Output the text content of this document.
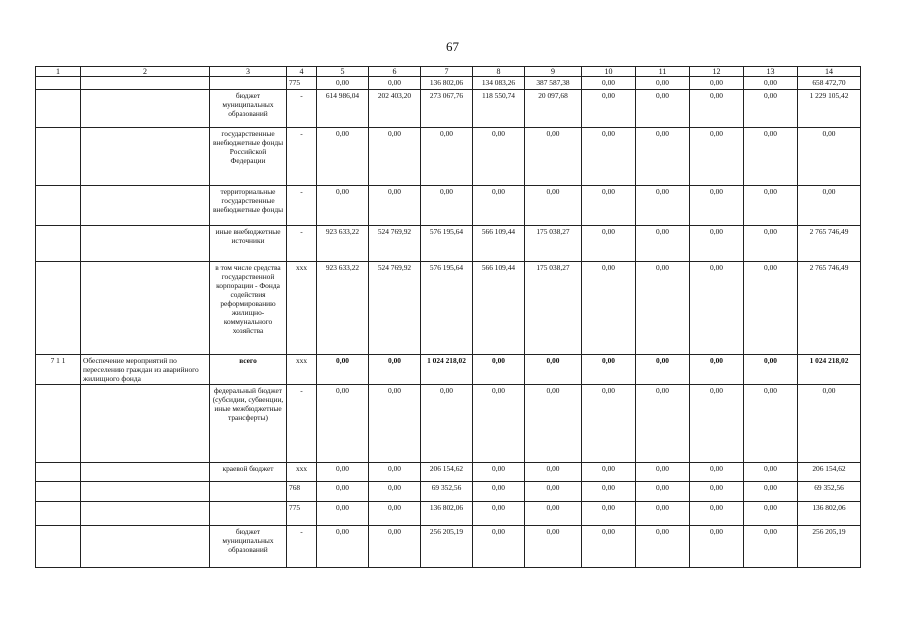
67
1	2	3	4	5	6	7	8	9	10	11	12	13	14
			775	0,00	0,00	136 802,06	134 083,26	387 587,38	0,00	0,00	0,00	0,00	658 472,70
		бюджет муниципальных образований	-	614 986,04	202 403,20	273 067,76	118 550,74	20 097,68	0,00	0,00	0,00	0,00	1 229 105,42
		государственные внебюджетные фонды Российской Федерации	-	0,00	0,00	0,00	0,00	0,00	0,00	0,00	0,00	0,00	0,00
		территориальные государственные внебюджетные фонды	-	0,00	0,00	0,00	0,00	0,00	0,00	0,00	0,00	0,00	0,00
		иные внебюджетные источники	-	923 633,22	524 769,92	576 195,64	566 109,44	175 038,27	0,00	0,00	0,00	0,00	2 765 746,49
		в том числе средства государственной корпорации - Фонда содействия реформированию жилищно-коммунального хозяйства	ххх	923 633,22	524 769,92	576 195,64	566 109,44	175 038,27	0,00	0,00	0,00	0,00	2 765 746,49
7 1 1	Обеспечение мероприятий по переселению граждан из аварийного жилищного фонда	всего	ххх	0,00	0,00	1 024 218,02	0,00	0,00	0,00	0,00	0,00	0,00	1 024 218,02
		федеральный бюджет (субсидии, субвенции, иные межбюджетные трансферты)	-	0,00	0,00	0,00	0,00	0,00	0,00	0,00	0,00	0,00	0,00
		краевой бюджет	ххх	0,00	0,00	206 154,62	0,00	0,00	0,00	0,00	0,00	0,00	206 154,62
			768	0,00	0,00	69 352,56	0,00	0,00	0,00	0,00	0,00	0,00	69 352,56
			775	0,00	0,00	136 802,06	0,00	0,00	0,00	0,00	0,00	0,00	136 802,06
		бюджет муниципальных образований	-	0,00	0,00	256 205,19	0,00	0,00	0,00	0,00	0,00	0,00	256 205,19
